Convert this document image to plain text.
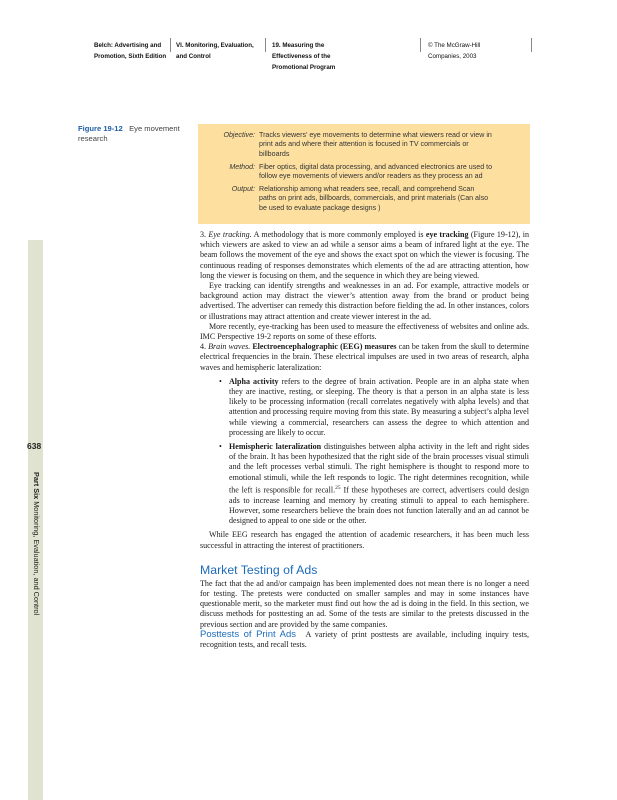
Belch: Advertising and
Promotion, Sixth Edition
VI. Monitoring, Evaluation,
and Control
19. Measuring the
Effectiveness of the
Promotional Program
© The McGraw-Hill
Companies, 2003
638
Part Six Monitoring, Evaluation, and Control
Figure 19-12 Eye movement research	Objective: Tracks viewers’ eye movements to determine what viewers read or view in
print ads and where their attention is focused in TV commercials or
billboards
Method: Fiber optics, digital data processing, and advanced electronics are used to
follow eye movements of viewers and/or readers as they process an ad
Output: Relationship among what readers see, recall, and comprehend Scan
paths on print ads, billboards, commercials, and print materials (Can also
be used to evaluate package designs )

3. Eye tracking. A methodology that is more commonly employed is eye tracking (Figure 19-12), in which viewers are asked to view an ad while a sensor aims a beam of infrared light at the eye. The beam follows the movement of the eye and shows the exact spot on which the viewer is focusing. The continuous reading of responses demonstrates which elements of the ad are attracting attention, how long the viewer is focusing on them, and the sequence in which they are being viewed.

Eye tracking can identify strengths and weaknesses in an ad. For example, attractive models or background action may distract the viewer’s attention away from the brand or product being advertised. The advertiser can remedy this distraction before fielding the ad. In other instances, colors or illustrations may attract attention and create viewer interest in the ad.

More recently, eye-tracking has been used to measure the effectiveness of websites and online ads. IMC Perspective 19-2 reports on some of these efforts.

4. Brain waves. Electroencephalographic (EEG) measures can be taken from the skull to determine electrical frequencies in the brain. These electrical impulses are used in two areas of research, alpha waves and hemispheric lateralization:

• Alpha activity refers to the degree of brain activation. People are in an alpha state when they are inactive, resting, or sleeping. The theory is that a person in an alpha state is less likely to be processing information (recall correlates negatively with alpha levels) and that attention and processing require moving from this state. By measuring a subject’s alpha level while viewing a commercial, researchers can assess the degree to which attention and processing are likely to occur.
• Hemispheric lateralization distinguishes between alpha activity in the left and right sides of the brain. It has been hypothesized that the right side of the brain processes visual stimuli and the left processes verbal stimuli. The right hemisphere is thought to respond more to emotional stimuli, while the left responds to logic. The right determines recognition, while the left is responsible for recall.$^{25}$ If these hypotheses are correct, advertisers could design ads to increase learning and memory by creating stimuli to appeal to each hemisphere. However, some researchers believe the brain does not function laterally and an ad cannot be designed to appeal to one side or the other.

While EEG research has engaged the attention of academic researchers, it has been much less successful in attracting the interest of practitioners.

Market Testing of Ads

The fact that the ad and/or campaign has been implemented does not mean there is no longer a need for testing. The pretests were conducted on smaller samples and may in some instances have questionable merit, so the marketer must find out how the ad is doing in the field. In this section, we discuss methods for posttesting an ad. Some of the tests are similar to the pretests discussed in the previous section and are provided by the same companies.

Posttests of Print Ads A variety of print posttests are available, including inquiry tests, recognition tests, and recall tests.
